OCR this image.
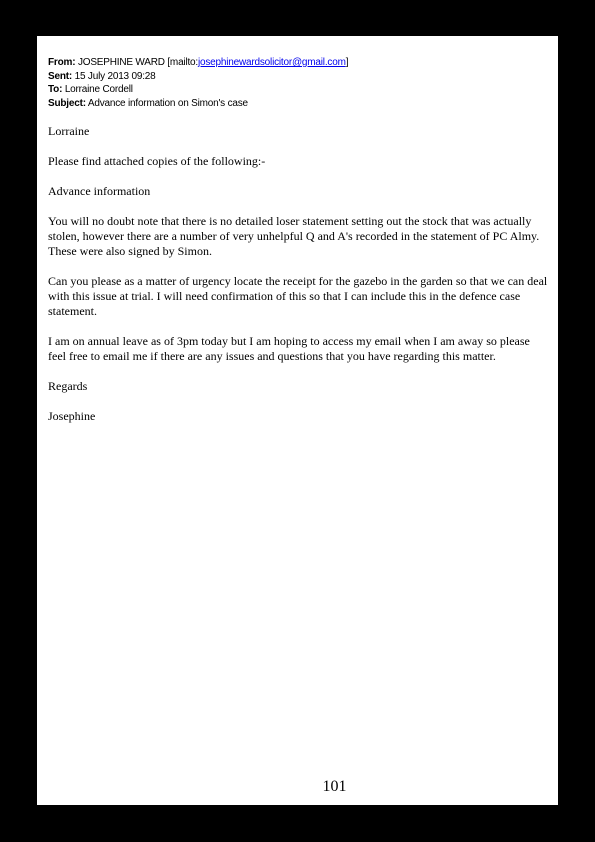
From: JOSEPHINE WARD [mailto:josephinewardsolicitor@gmail.com]
Sent: 15 July 2013 09:28
To: Lorraine Cordell
Subject: Advance information on Simon's case

Lorraine

Please find attached copies of the following:-

Advance information

You will no doubt note that there is no detailed loser statement setting out the stock that was actually stolen, however there are a number of very unhelpful Q and A's recorded in the statement of PC Almy. These were also signed by Simon.

Can you please as a matter of urgency locate the receipt for the gazebo in the garden so that we can deal with this issue at trial. I will need confirmation of this so that I can include this in the defence case statement.

I am on annual leave as of 3pm today but I am hoping to access my email when I am away so please feel free to email me if there are any issues and questions that you have regarding this matter.

Regards

Josephine

101
